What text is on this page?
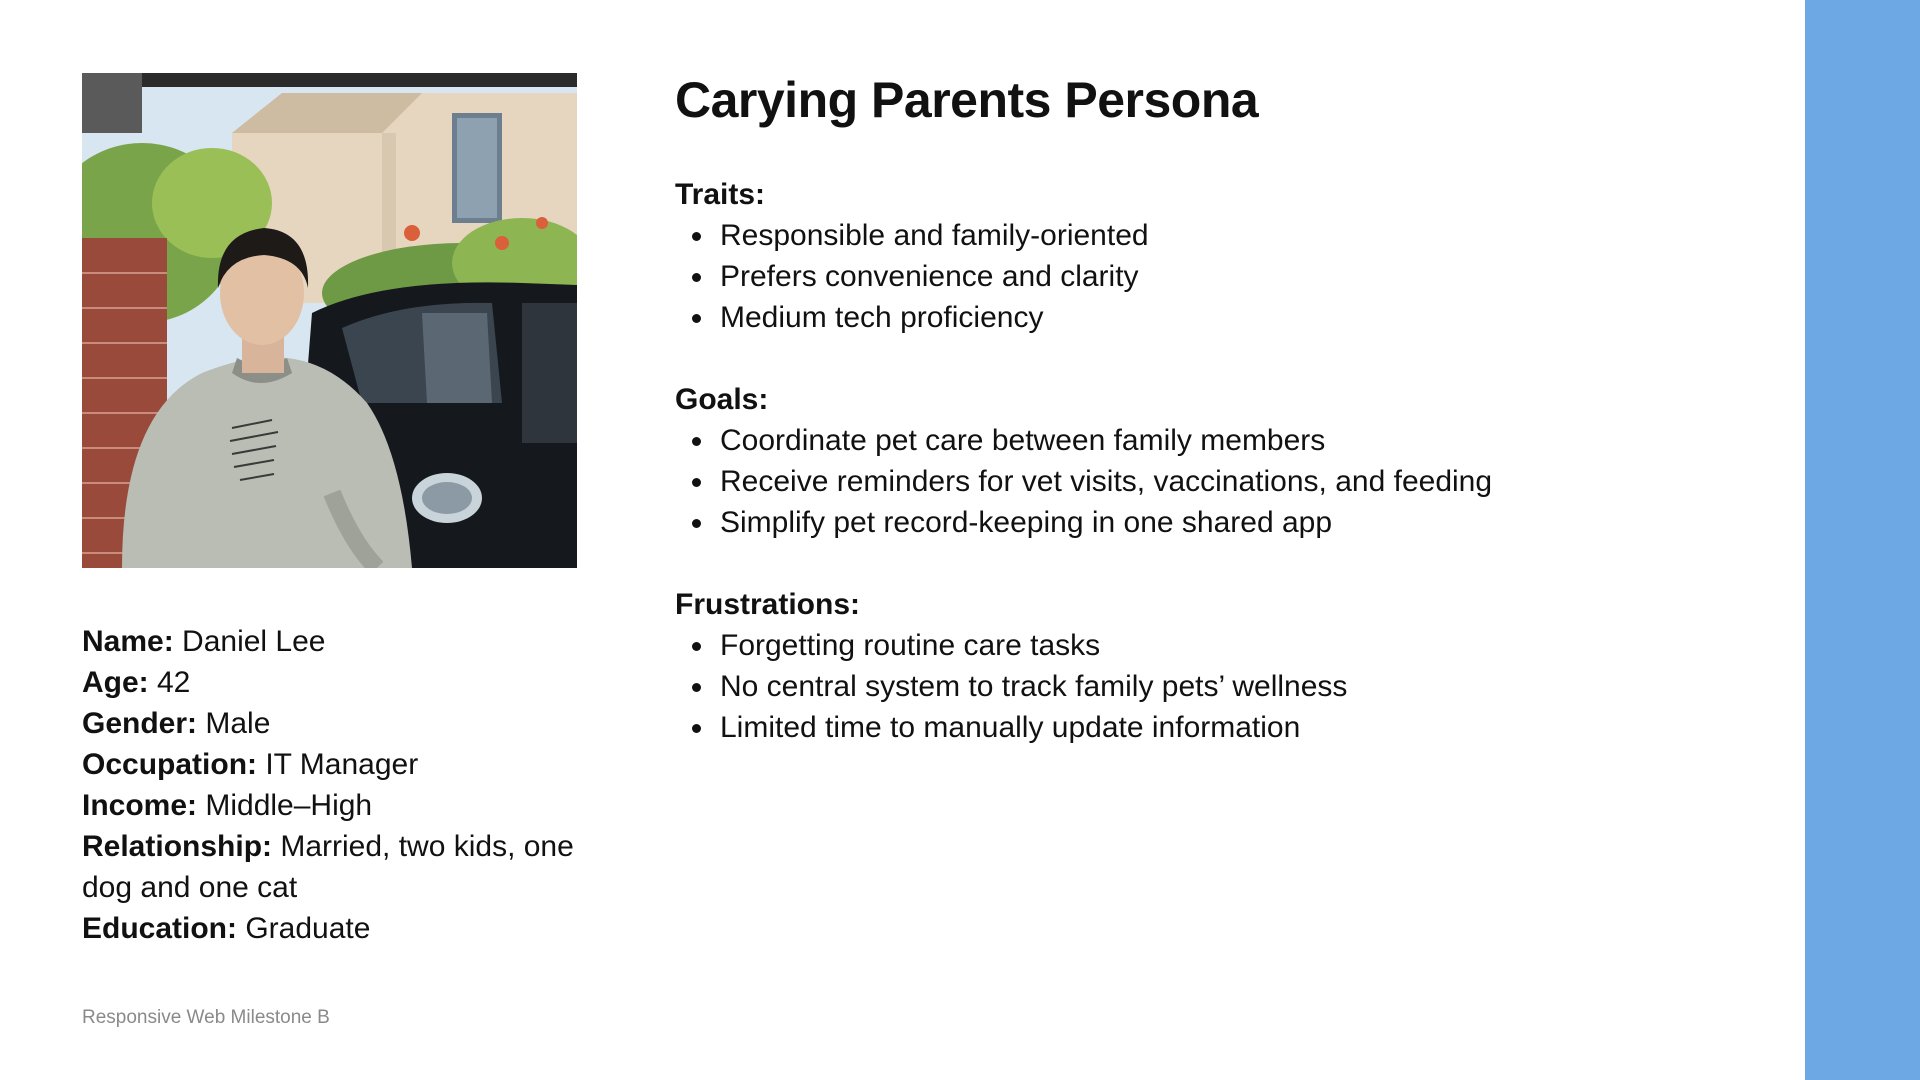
Name: Daniel Lee
Age: 42
Gender: Male
Occupation: IT Manager
Income: Middle–High
Relationship: Married, two kids, one dog and one cat
Education: Graduate
Responsive Web Milestone B
Carying Parents Persona
Traits:
Responsible and family-oriented
Prefers convenience and clarity
Medium tech proficiency
Goals:
Coordinate pet care between family members
Receive reminders for vet visits, vaccinations, and feeding
Simplify pet record-keeping in one shared app
Frustrations:
Forgetting routine care tasks
No central system to track family pets’ wellness
Limited time to manually update information
